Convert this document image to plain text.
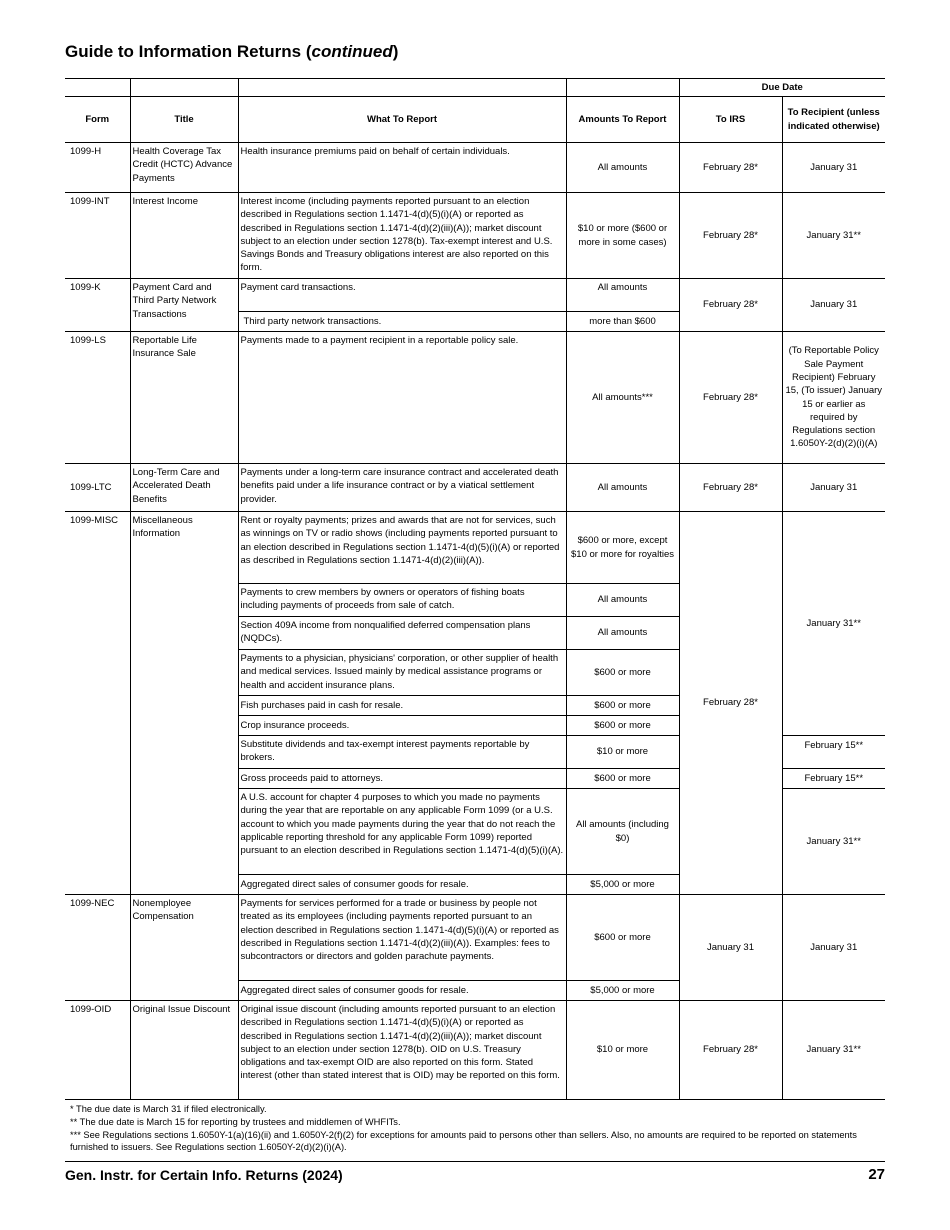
Guide to Information Returns (continued)
				Due Date	
Form	Title	What To Report	Amounts To Report	To IRS	To Recipient (unless indicated otherwise)
1099-H	Health Coverage Tax Credit (HCTC) Advance Payments	Health insurance premiums paid on behalf of certain individuals.	All amounts	February 28*	January 31
1099-INT	Interest Income	Interest income (including payments reported pursuant to an election described in Regulations section 1.1471-4(d)(5)(i)(A) or reported as described in Regulations section 1.1471-4(d)(2)(iii)(A)); market discount subject to an election under section 1278(b). Tax-exempt interest and U.S. Savings Bonds and Treasury obligations interest are also reported on this form.	$10 or more ($600 or more in some cases)	February 28*	January 31**
1099-K	Payment Card and Third Party Network Transactions	Payment card transactions.	All amounts	February 28*	January 31
		Third party network transactions.	more than $600		
1099-LS	Reportable Life Insurance Sale	Payments made to a payment recipient in a reportable policy sale.	All amounts***	February 28*	(To Reportable Policy Sale Payment Recipient) February 15, (To issuer) January 15 or earlier as required by Regulations section 1.6050Y-2(d)(2)(i)(A)
1099-LTC	Long-Term Care and Accelerated Death Benefits	Payments under a long-term care insurance contract and accelerated death benefits paid under a life insurance contract or by a viatical settlement provider.	All amounts	February 28*	January 31
1099-MISC	Miscellaneous Information	Rent or royalty payments; prizes and awards that are not for services, such as winnings on TV or radio shows (including payments reported pursuant to an election described in Regulations section 1.1471-4(d)(5)(i)(A) or reported as described in Regulations section 1.1471-4(d)(2)(iii)(A)).	$600 or more, except $10 or more for royalties	February 28*	January 31**
		Payments to crew members by owners or operators of fishing boats including payments of proceeds from sale of catch.	All amounts		
		Section 409A income from nonqualified deferred compensation plans (NQDCs).	All amounts		
		Payments to a physician, physicians' corporation, or other supplier of health and medical services. Issued mainly by medical assistance programs or health and accident insurance plans.	$600 or more		
		Fish purchases paid in cash for resale.	$600 or more		
		Crop insurance proceeds.	$600 or more		
		Substitute dividends and tax-exempt interest payments reportable by brokers.	$10 or more		February 15**
		Gross proceeds paid to attorneys.	$600 or more		February 15**
		A U.S. account for chapter 4 purposes to which you made no payments during the year that are reportable on any applicable Form 1099 (or a U.S. account to which you made payments during the year that do not reach the applicable reporting threshold for any applicable Form 1099) reported pursuant to an election described in Regulations section 1.1471-4(d)(5)(i)(A).	All amounts (including $0)		January 31**
		Aggregated direct sales of consumer goods for resale.	$5,000 or more		
1099-NEC	Nonemployee Compensation	Payments for services performed for a trade or business by people not treated as its employees (including payments reported pursuant to an election described in Regulations section 1.1471-4(d)(5)(i)(A) or reported as described in Regulations section 1.1471-4(d)(2)(iii)(A)). Examples: fees to subcontractors or directors and golden parachute payments.	$600 or more	January 31	January 31
		Aggregated direct sales of consumer goods for resale.	$5,000 or more		
1099-OID	Original Issue Discount	Original issue discount (including amounts reported pursuant to an election described in Regulations section 1.1471-4(d)(5)(i)(A) or reported as described in Regulations section 1.1471-4(d)(2)(iii)(A)); market discount subject to an election under section 1278(b). OID on U.S. Treasury obligations and tax-exempt OID are also reported on this form. Stated interest (other than stated interest that is OID) may be reported on this form.	$10 or more	February 28*	January 31**

* The due date is March 31 if filed electronically.

** The due date is March 15 for reporting by trustees and middlemen of WHFITs.

*** See Regulations sections 1.6050Y-1(a)(16)(ii) and 1.6050Y-2(f)(2) for exceptions for amounts paid to persons other than sellers. Also, no amounts are required to be reported on statements furnished to issuers. See Regulations section 1.6050Y-2(d)(2)(i)(A).

Gen. Instr. for Certain Info. Returns (2024)	27
